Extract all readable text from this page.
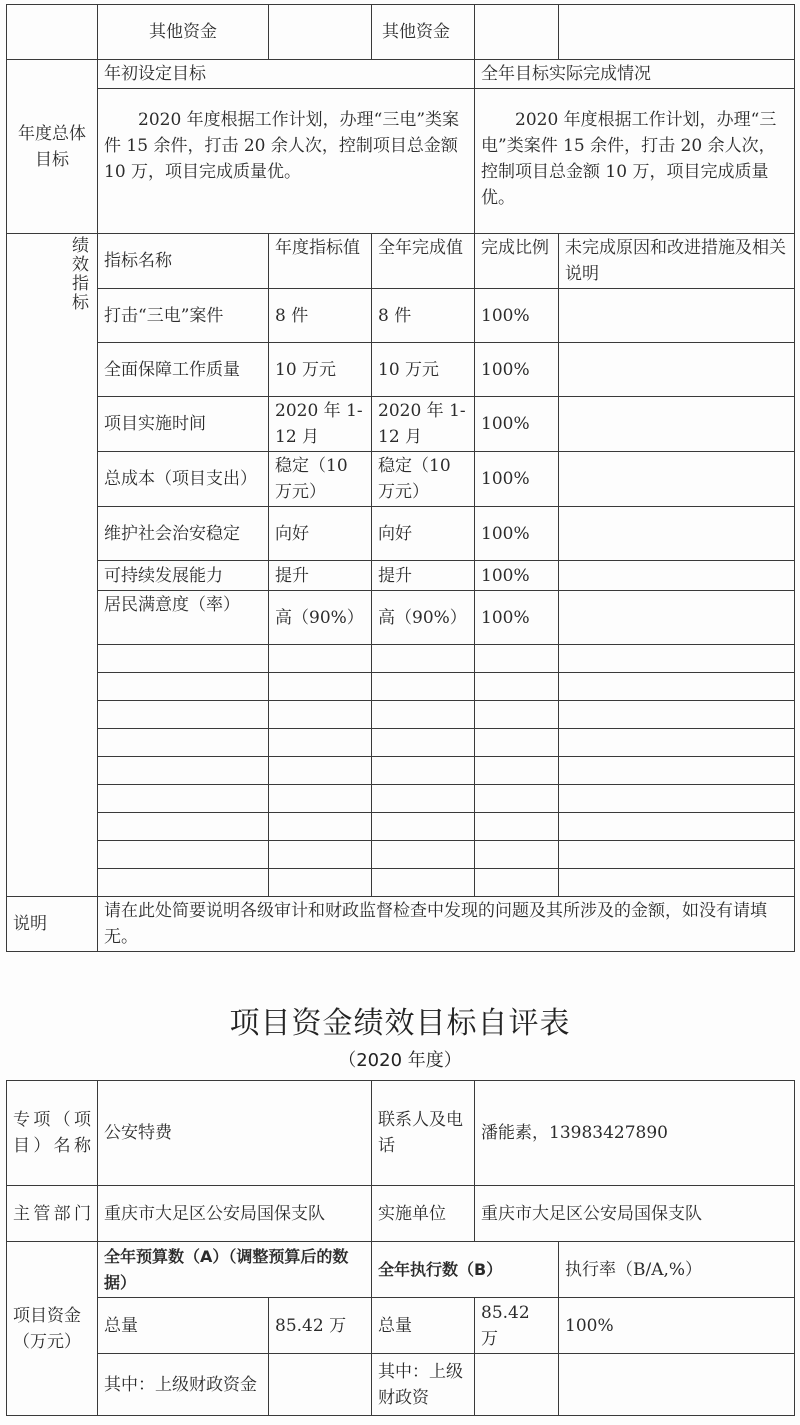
	其他资金		其他资金		
年度总体目标	年初设定目标			全年目标实际完成情况	
	2020 年度根据工作计划，办理“三电”类案件 15 余件，打击 20 余人次，控制项目总金额 10 万，项目完成质量优。			2020 年度根据工作计划，办理“三电”类案件 15 余件，打击 20 余人次，控制项目总金额 10 万，项目完成质量优。	
绩效指标	指标名称	年度指标值	全年完成值	完成比例	未完成原因和改进措施及相关说明
	打击“三电”案件	8 件	8 件	100%	
	全面保障工作质量	10 万元	10 万元	100%	
	项目实施时间	2020 年 1-12 月	2020 年 1-12 月	100%	
	总成本（项目支出）	稳定（10 万元）	稳定（10 万元）	100%	
	维护社会治安稳定	向好	向好	100%	
	可持续发展能力	提升	提升	100%	
	居民满意度（率）	高（90%）	高（90%）	100%	

说明	请在此处简要说明各级审计和财政监督检查中发现的问题及其所涉及的金额，如没有请填无。				
项目资金绩效目标自评表
（2020 年度）
专项（项目）名称	公安特费		联系人及电话	潘能素，13983427890	
主管部门	重庆市大足区公安局国保支队		实施单位	重庆市大足区公安局国保支队	
项目资金（万元）	全年预算数（A）（调整预算后的数据）		全年执行数（B）		执行率（B/A,%）
	总量	85.42 万	总量	85.42 万	100%
	其中：上级财政资金		其中：上级财政资		
